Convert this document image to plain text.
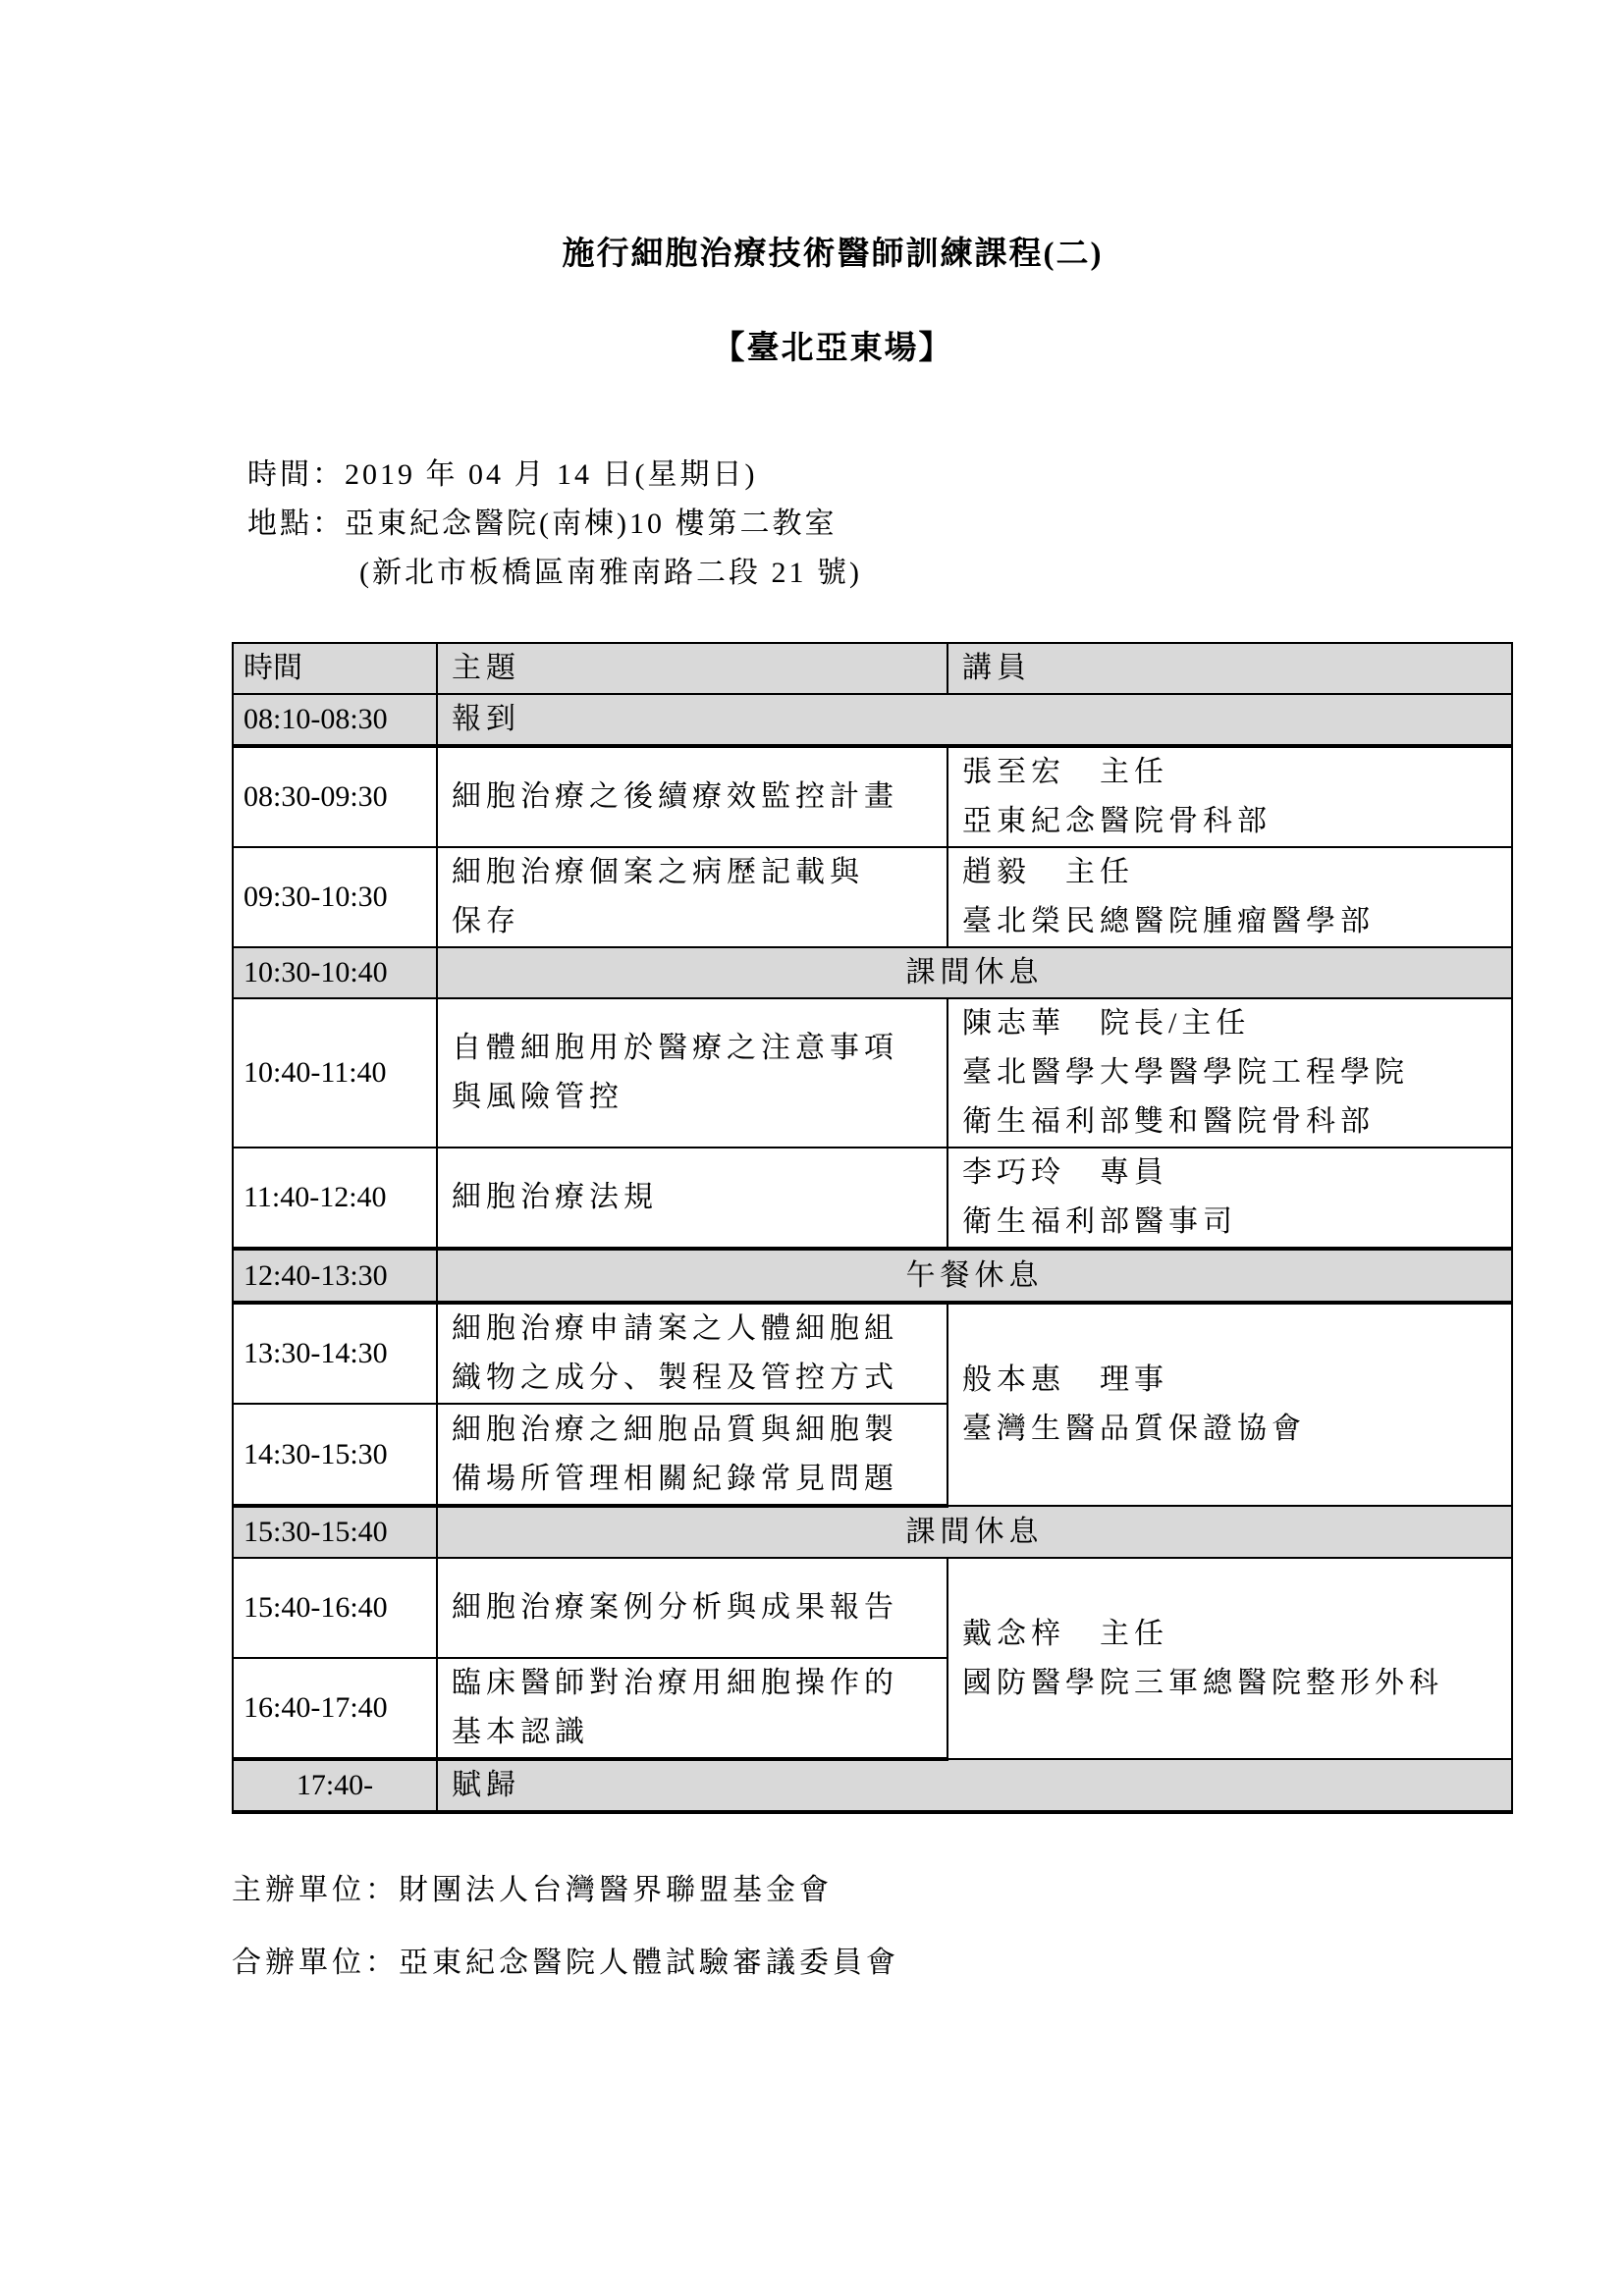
施行細胞治療技術醫師訓練課程(二)
【臺北亞東場】
時間：2019 年 04 月 14 日(星期日)
地點：亞東紀念醫院(南棟)10 樓第二教室
(新北市板橋區南雅南路二段 21 號)
時間	主題	講員
08:10-08:30	報到	
08:30-09:30	細胞治療之後續療效監控計畫	張至宏　主任
亞東紀念醫院骨科部

09:30-10:30	細胞治療個案之病歷記載與
保存	趙毅　主任
臺北榮民總醫院腫瘤醫學部

10:30-10:40	課間休息	
10:40-11:40	自體細胞用於醫療之注意事項
與風險管控	陳志華　院長/主任
臺北醫學大學醫學院工程學院
衛生福利部雙和醫院骨科部

11:40-12:40	細胞治療法規	李巧玲　專員
衛生福利部醫事司

12:40-13:30	午餐休息	
13:30-14:30	細胞治療申請案之人體細胞組
織物之成分、製程及管控方式	般本惠　理事
臺灣生醫品質保證協會

14:30-15:30	細胞治療之細胞品質與細胞製
備場所管理相關紀錄常見問題	

15:30-15:40	課間休息	
15:40-16:40	細胞治療案例分析與成果報告	戴念梓　主任
國防醫學院三軍總醫院整形外科

16:40-17:40	臨床醫師對治療用細胞操作的
基本認識	

17:40-	賦歸	
主辦單位：財團法人台灣醫界聯盟基金會
合辦單位：亞東紀念醫院人體試驗審議委員會
